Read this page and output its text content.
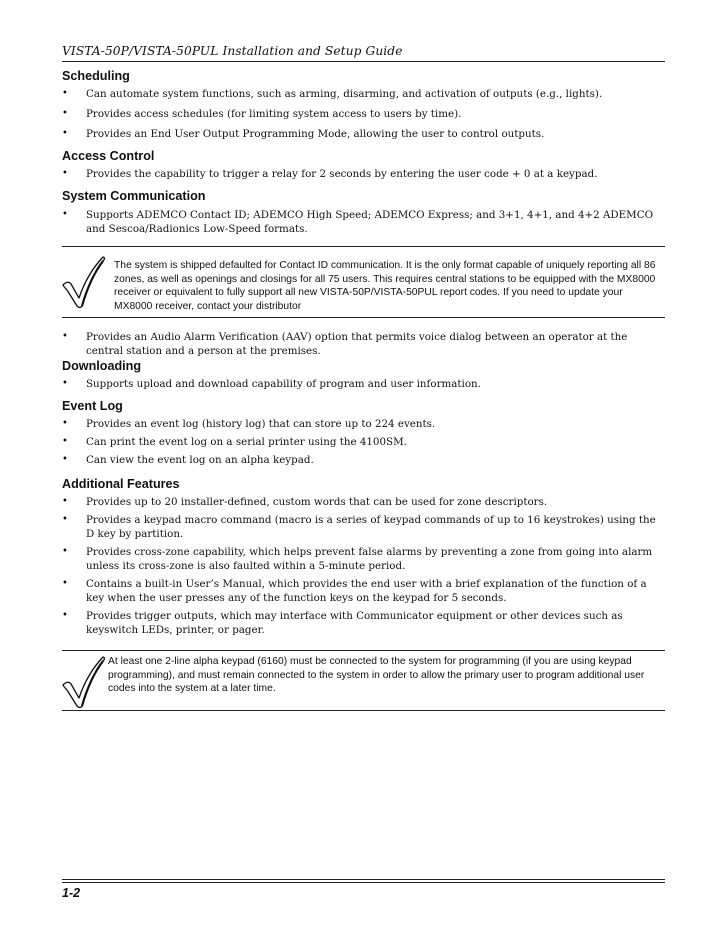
VISTA-50P/VISTA-50PUL Installation and Setup Guide
Scheduling
• Can automate system functions, such as arming, disarming, and activation of outputs (e.g., lights).
• Provides access schedules (for limiting system access to users by time).
• Provides an End User Output Programming Mode, allowing the user to control outputs.
Access Control
• Provides the capability to trigger a relay for 2 seconds by entering the user code + 0 at a keypad.
System Communication
• Supports ADEMCO Contact ID; ADEMCO High Speed; ADEMCO Express; and 3+1, 4+1, and 4+2 ADEMCO and Sescoa/Radionics Low-Speed formats.
The system is shipped defaulted for Contact ID communication. It is the only format capable of uniquely reporting all 86 zones, as well as openings and closings for all 75 users. This requires central stations to be equipped with the MX8000 receiver or equivalent to fully support all new VISTA-50P/VISTA-50PUL report codes. If you need to update your MX8000 receiver, contact your distributor
• Provides an Audio Alarm Verification (AAV) option that permits voice dialog between an operator at the central station and a person at the premises.
Downloading
• Supports upload and download capability of program and user information.
Event Log
• Provides an event log (history log) that can store up to 224 events.
• Can print the event log on a serial printer using the 4100SM.
• Can view the event log on an alpha keypad.
Additional Features
• Provides up to 20 installer-defined, custom words that can be used for zone descriptors.
• Provides a keypad macro command (macro is a series of keypad commands of up to 16 keystrokes) using the D key by partition.
• Provides cross-zone capability, which helps prevent false alarms by preventing a zone from going into alarm unless its cross-zone is also faulted within a 5-minute period.
• Contains a built-in User’s Manual, which provides the end user with a brief explanation of the function of a key when the user presses any of the function keys on the keypad for 5 seconds.
• Provides trigger outputs, which may interface with Communicator equipment or other devices such as keyswitch LEDs, printer, or pager.
At least one 2-line alpha keypad (6160) must be connected to the system for programming (if you are using keypad programming), and must remain connected to the system in order to allow the primary user to program additional user codes into the system at a later time.
1-2
